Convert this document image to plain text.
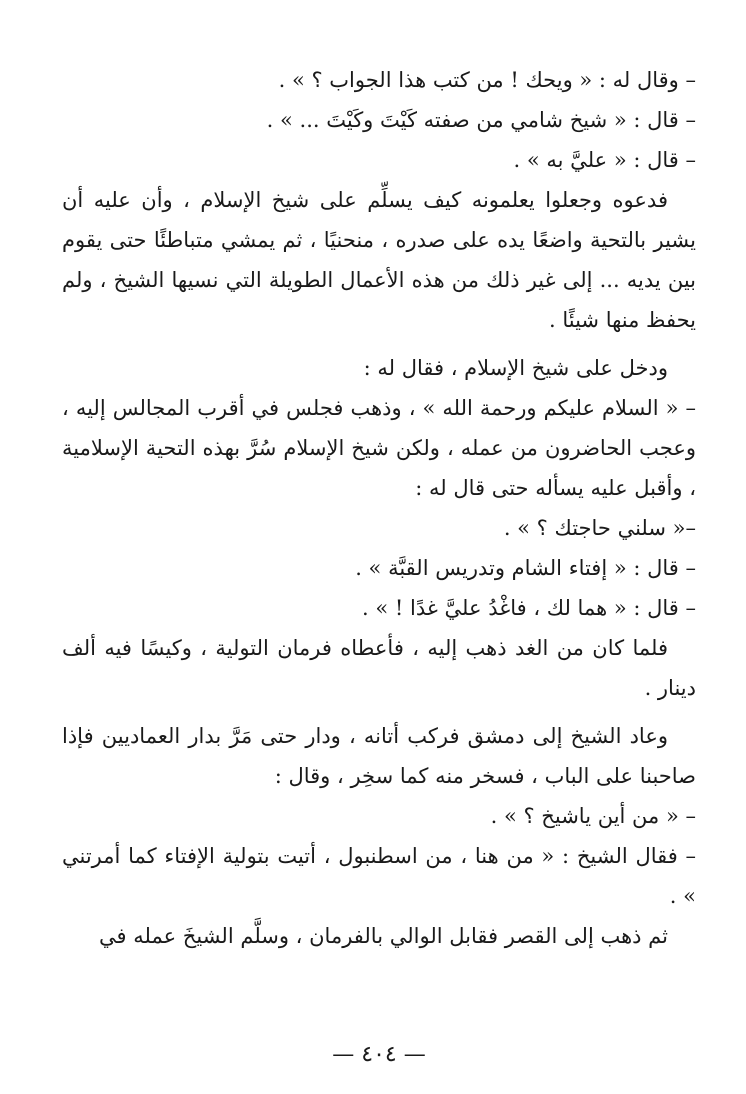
– وقال له : « ويحك ! من كتب هذا الجواب ؟ » .

– قال : « شيخ شامي من صفته كَيْتَ وكَيْتَ ... » .

– قال : « عليَّ به » .

فدعوه وجعلوا يعلمونه كيف يسلِّم على شيخ الإسلام ، وأن عليه أن يشير بالتحية واضعًا يده على صدره ، منحنيًا ، ثم يمشي متباطئًا حتى يقوم بين يديه ... إلى غير ذلك من هذه الأعمال الطويلة التي نسيها الشيخ ، ولم يحفظ منها شيئًا .

ودخل على شيخ الإسلام ، فقال له :

– « السلام عليكم ورحمة الله » ، وذهب فجلس في أقرب المجالس إليه ، وعجب الحاضرون من عمله ، ولكن شيخ الإسلام سُرَّ بهذه التحية الإسلامية ، وأقبل عليه يسأله حتى قال له :

–« سلني حاجتك ؟ » .

– قال : « إفتاء الشام وتدريس القبَّة » .

– قال : « هما لك ، فاغْدُ عليَّ غدًا ! » .

فلما كان من الغد ذهب إليه ، فأعطاه فرمان التولية ، وكيسًا فيه ألف دينار .

وعاد الشيخ إلى دمشق فركب أتانه ، ودار حتى مَرَّ بدار العماديين فإذا صاحبنا على الباب ، فسخر منه كما سخِر ، وقال :

– « من أين ياشيخ ؟ » .

– فقال الشيخ : « من هنا ، من اسطنبول ، أتيت بتولية الإفتاء كما أمرتني » .

ثم ذهب إلى القصر فقابل الوالي بالفرمان ، وسلَّم الشيخَ عمله في

— ٤٠٤ —
